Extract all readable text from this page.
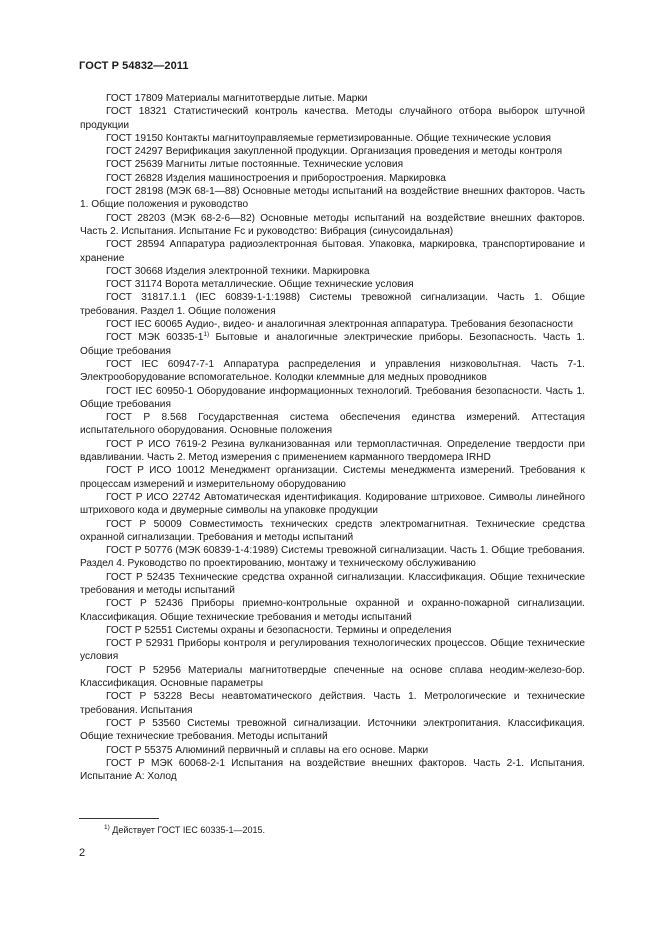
ГОСТ Р 54832—2011

ГОСТ 17809 Материалы магнитотвердые литые. Марки

ГОСТ 18321 Статистический контроль качества. Методы случайного отбора выборок штучной продукции

ГОСТ 19150 Контакты магнитоуправляемые герметизированные. Общие технические условия

ГОСТ 24297 Верификация закупленной продукции. Организация проведения и методы контроля

ГОСТ 25639 Магниты литые постоянные. Технические условия

ГОСТ 26828 Изделия машиностроения и приборостроения. Маркировка

ГОСТ 28198 (МЭК 68-1—88) Основные методы испытаний на воздействие внешних факторов. Часть 1. Общие положения и руководство

ГОСТ 28203 (МЭК 68-2-6—82) Основные методы испытаний на воздействие внешних факторов. Часть 2. Испытания. Испытание Fc и руководство: Вибрация (синусоидальная)

ГОСТ 28594 Аппаратура радиоэлектронная бытовая. Упаковка, маркировка, транспортирование и хранение

ГОСТ 30668 Изделия электронной техники. Маркировка

ГОСТ 31174 Ворота металлические. Общие технические условия

ГОСТ 31817.1.1 (IEC 60839-1-1:1988) Системы тревожной сигнализации. Часть 1. Общие требования. Раздел 1. Общие положения

ГОСТ IEC 60065 Аудио-, видео- и аналогичная электронная аппаратура. Требования безопасности

ГОСТ МЭК 60335-1$^{1)}$ Бытовые и аналогичные электрические приборы. Безопасность. Часть 1. Общие требования

ГОСТ IEC 60947-7-1 Аппаратура распределения и управления низковольтная. Часть 7-1. Электрооборудование вспомогательное. Колодки клеммные для медных проводников

ГОСТ IEC 60950-1 Оборудование информационных технологий. Требования безопасности. Часть 1. Общие требования

ГОСТ Р 8.568 Государственная система обеспечения единства измерений. Аттестация испытательного оборудования. Основные положения

ГОСТ Р ИСО 7619-2 Резина вулканизованная или термопластичная. Определение твердости при вдавливании. Часть 2. Метод измерения с применением карманного твердомера IRHD

ГОСТ Р ИСО 10012 Менеджмент организации. Системы менеджмента измерений. Требования к процессам измерений и измерительному оборудованию

ГОСТ Р ИСО 22742 Автоматическая идентификация. Кодирование штриховое. Символы линейного штрихового кода и двумерные символы на упаковке продукции

ГОСТ Р 50009 Совместимость технических средств электромагнитная. Технические средства охранной сигнализации. Требования и методы испытаний

ГОСТ Р 50776 (МЭК 60839-1-4:1989) Системы тревожной сигнализации. Часть 1. Общие требования. Раздел 4. Руководство по проектированию, монтажу и техническому обслуживанию

ГОСТ Р 52435 Технические средства охранной сигнализации. Классификация. Общие технические требования и методы испытаний

ГОСТ Р 52436 Приборы приемно-контрольные охранной и охранно-пожарной сигнализации. Классификация. Общие технические требования и методы испытаний

ГОСТ Р 52551 Системы охраны и безопасности. Термины и определения

ГОСТ Р 52931 Приборы контроля и регулирования технологических процессов. Общие технические условия

ГОСТ Р 52956 Материалы магнитотвердые спеченные на основе сплава неодим-железо-бор. Классификация. Основные параметры

ГОСТ Р 53228 Весы неавтоматического действия. Часть 1. Метрологические и технические требования. Испытания

ГОСТ Р 53560 Системы тревожной сигнализации. Источники электропитания. Классификация. Общие технические требования. Методы испытаний

ГОСТ Р 55375 Алюминий первичный и сплавы на его основе. Марки

ГОСТ Р МЭК 60068-2-1 Испытания на воздействие внешних факторов. Часть 2-1. Испытания. Испытание А: Холод

$^{1)}$ Действует ГОСТ IEC 60335-1—2015.
2
